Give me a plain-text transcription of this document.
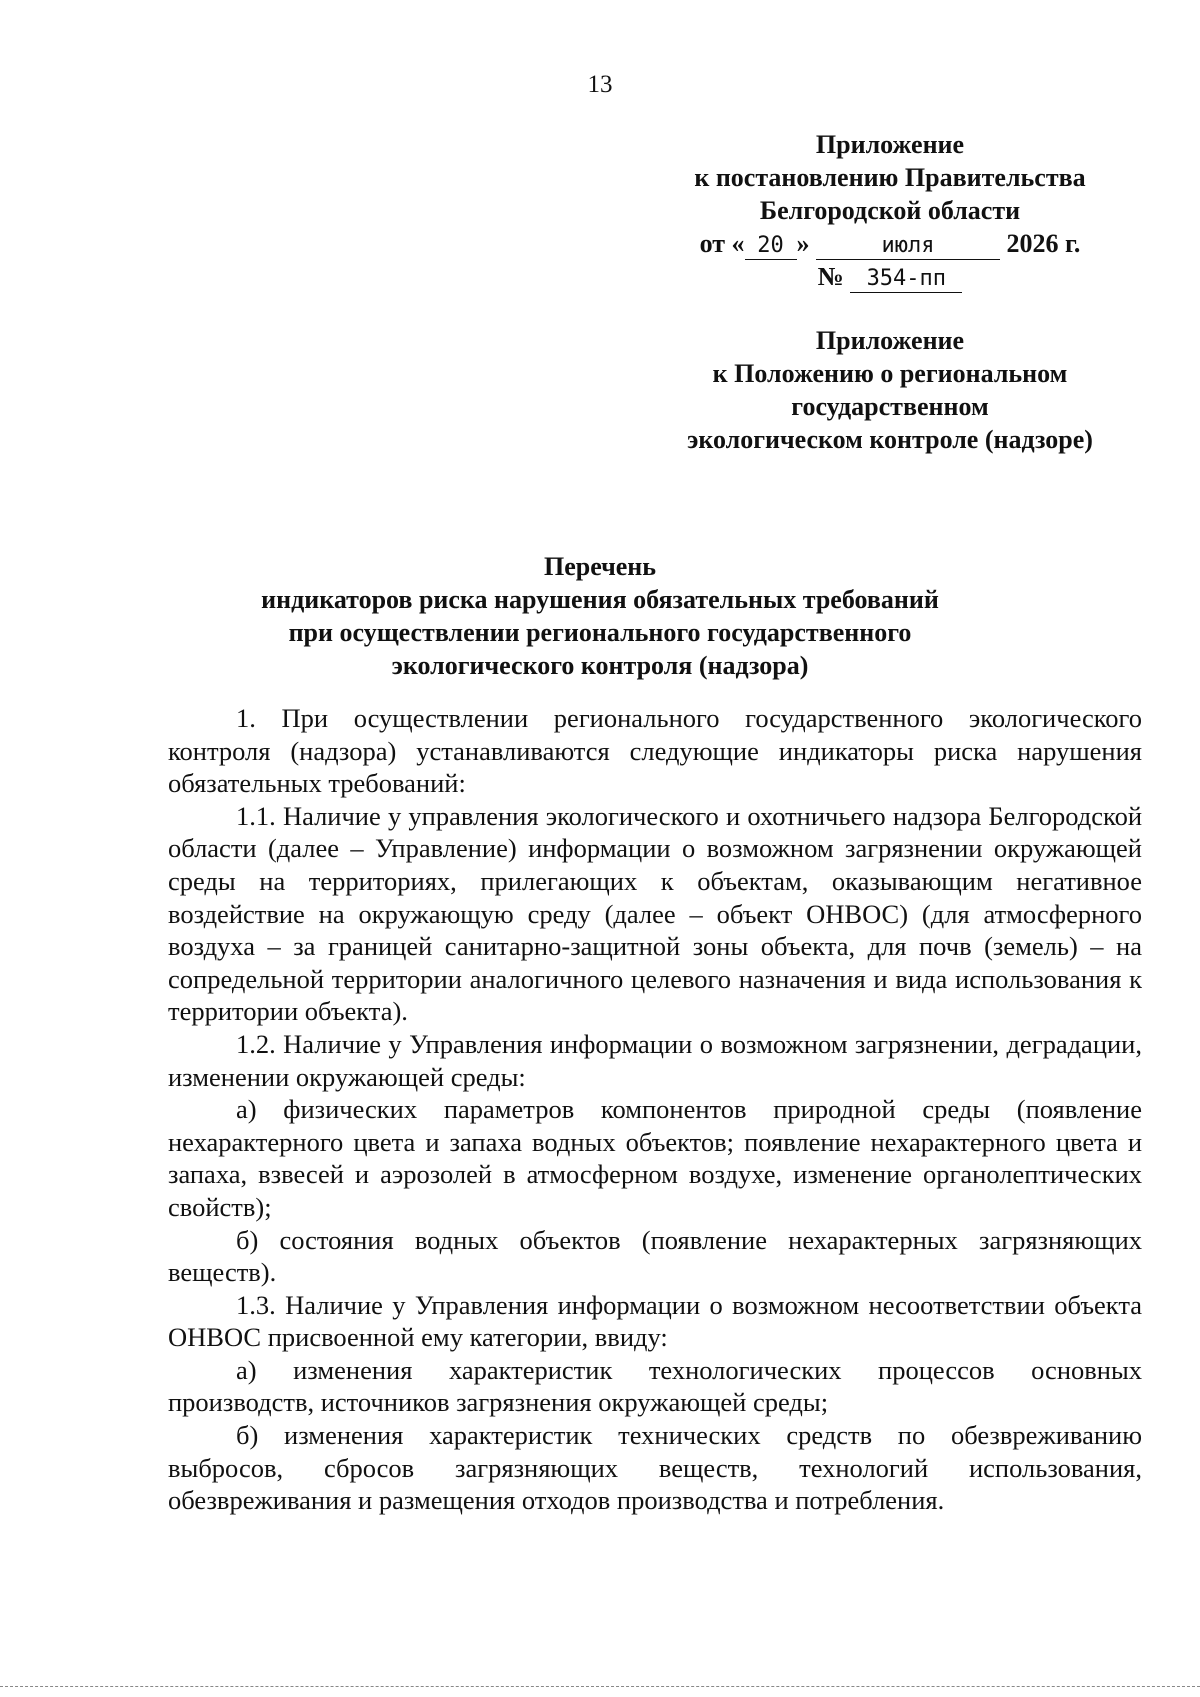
13
Приложение
к постановлению Правительства
Белгородской области
от « 20 »	июля	2026 г.
№ 354-пп
Приложение
к Положению о региональном
государственном
экологическом контроле (надзоре)
Перечень
индикаторов риска нарушения обязательных требований
при осуществлении регионального государственного
экологического контроля (надзора)

1. При осуществлении регионального государственного экологического контроля (надзора) устанавливаются следующие индикаторы риска нарушения обязательных требований:

1.1. Наличие у управления экологического и охотничьего надзора Белгородской области (далее – Управление) информации о возможном загрязнении окружающей среды на территориях, прилегающих к объектам, оказывающим негативное воздействие на окружающую среду (далее – объект ОНВОС) (для атмосферного воздуха – за границей санитарно-защитной зоны объекта, для почв (земель) – на сопредельной территории аналогичного целевого назначения и вида использования к территории объекта).

1.2. Наличие у Управления информации о возможном загрязнении, деградации, изменении окружающей среды:

а) физических параметров компонентов природной среды (появление нехарактерного цвета и запаха водных объектов; появление нехарактерного цвета и запаха, взвесей и аэрозолей в атмосферном воздухе, изменение органолептических свойств);

б) состояния водных объектов (появление нехарактерных загрязняющих веществ).

1.3. Наличие у Управления информации о возможном несоответствии объекта ОНВОС присвоенной ему категории, ввиду:

а) изменения характеристик технологических процессов основных производств, источников загрязнения окружающей среды;

б) изменения характеристик технических средств по обезвреживанию выбросов, сбросов загрязняющих веществ, технологий использования, обезвреживания и размещения отходов производства и потребления.
